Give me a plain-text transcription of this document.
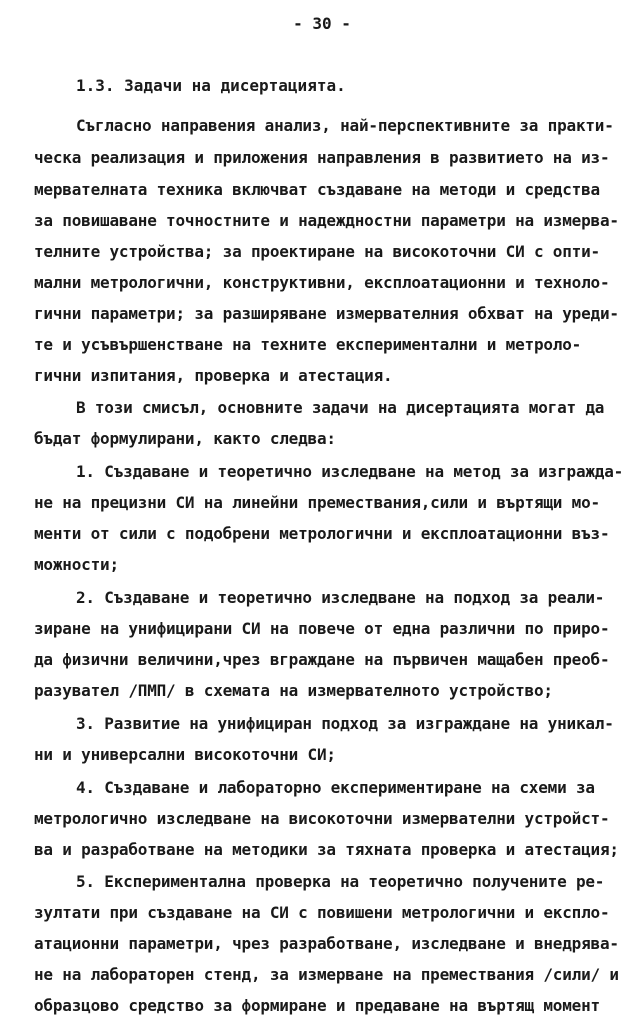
- 30 -
1.3. Задачи на дисертацията.
Съгласно направения анализ, най-перспективните за практи-
ческа реализация и приложения направления в развитието на из-
мервателната техника включват създаване на методи и средства
за повишаване точностните и надеждностни параметри на измерва-
телните устройства; за проектиране на високоточни СИ с опти-
мални метрологични, конструктивни, експлоатационни и техноло-
гични параметри; за разширяване измервателния обхват на уреди-
те и усъвършенстване на техните експериментални и метроло-
гични изпитания, проверка и атестация.
В този смисъл, основните задачи на дисертацията могат да
бъдат формулирани, както следва:
1. Създаване и теоретично изследване на метод за изгражда-
не на прецизни СИ на линейни премествания,сили и въртящи мо-
менти от сили с подобрени метрологични и експлоатационни въз-
можности;
2. Създаване и теоретично изследване на подход за реали-
зиране на унифицирани СИ на повече от една различни по приро-
да физични величини,чрез вграждане на първичен мащабен преоб-
разувател /ПМП/ в схемата на измервателното устройство;
3. Развитие на унифициран подход за изграждане на уникал-
ни и универсални високоточни СИ;
4. Създаване и лабораторно експериментиране на схеми за
метрологично изследване на високоточни измервателни устройст-
ва и разработване на методики за тяхната проверка и атестация;
5. Експериментална проверка на теоретично получените ре-
зултати при създаване на СИ с повишени метрологични и експло-
атационни параметри, чрез разработване, изследване и внедрява-
не на лабораторен стенд, за измерване на премествания /сили/ и
образцово средство за формиране и предаване на въртящ момент
